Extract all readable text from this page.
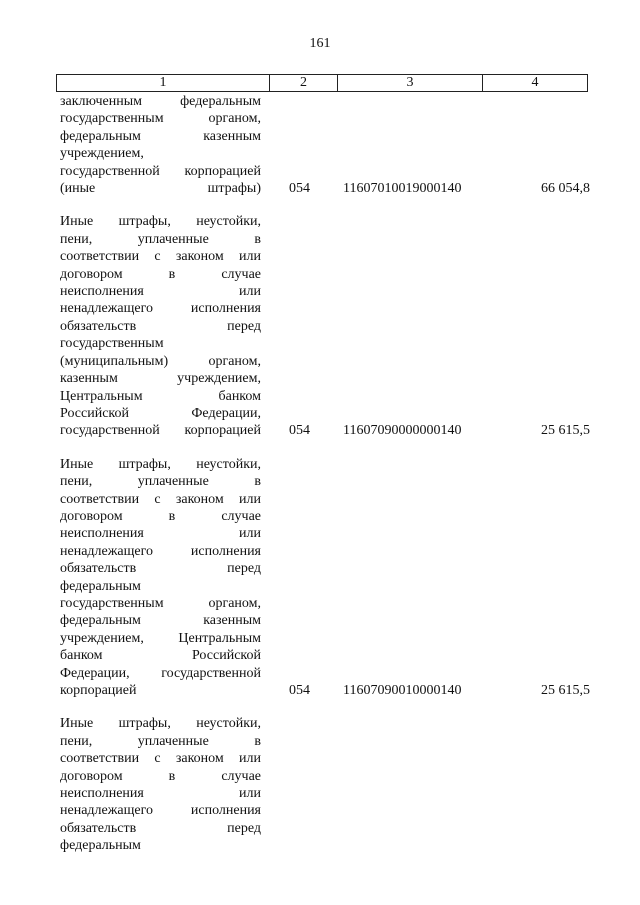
161
1	2	3	4
заключенным федеральным
государственным органом,
федеральным казенным
учреждением,
государственной корпорацией
(иные штрафы) 054 11607010019000140	66 054,8
Иные штрафы, неустойки,
пени, уплаченные в
соответствии с законом или
договором в случае
неисполнения или
ненадлежащего исполнения
обязательств перед
государственным
(муниципальным) органом,
казенным учреждением,
Центральным банком
Российской Федерации,
государственной корпорацией 054 11607090000000140	25 615,5
Иные штрафы, неустойки,
пени, уплаченные в
соответствии с законом или
договором в случае
неисполнения или
ненадлежащего исполнения
обязательств перед
федеральным
государственным органом,
федеральным казенным
учреждением, Центральным
банком Российской
Федерации, государственной
корпорацией	054 11607090010000140	25 615,5
Иные штрафы, неустойки,
пени, уплаченные в
соответствии с законом или
договором в случае
неисполнения или
ненадлежащего исполнения
обязательств перед
федеральным
